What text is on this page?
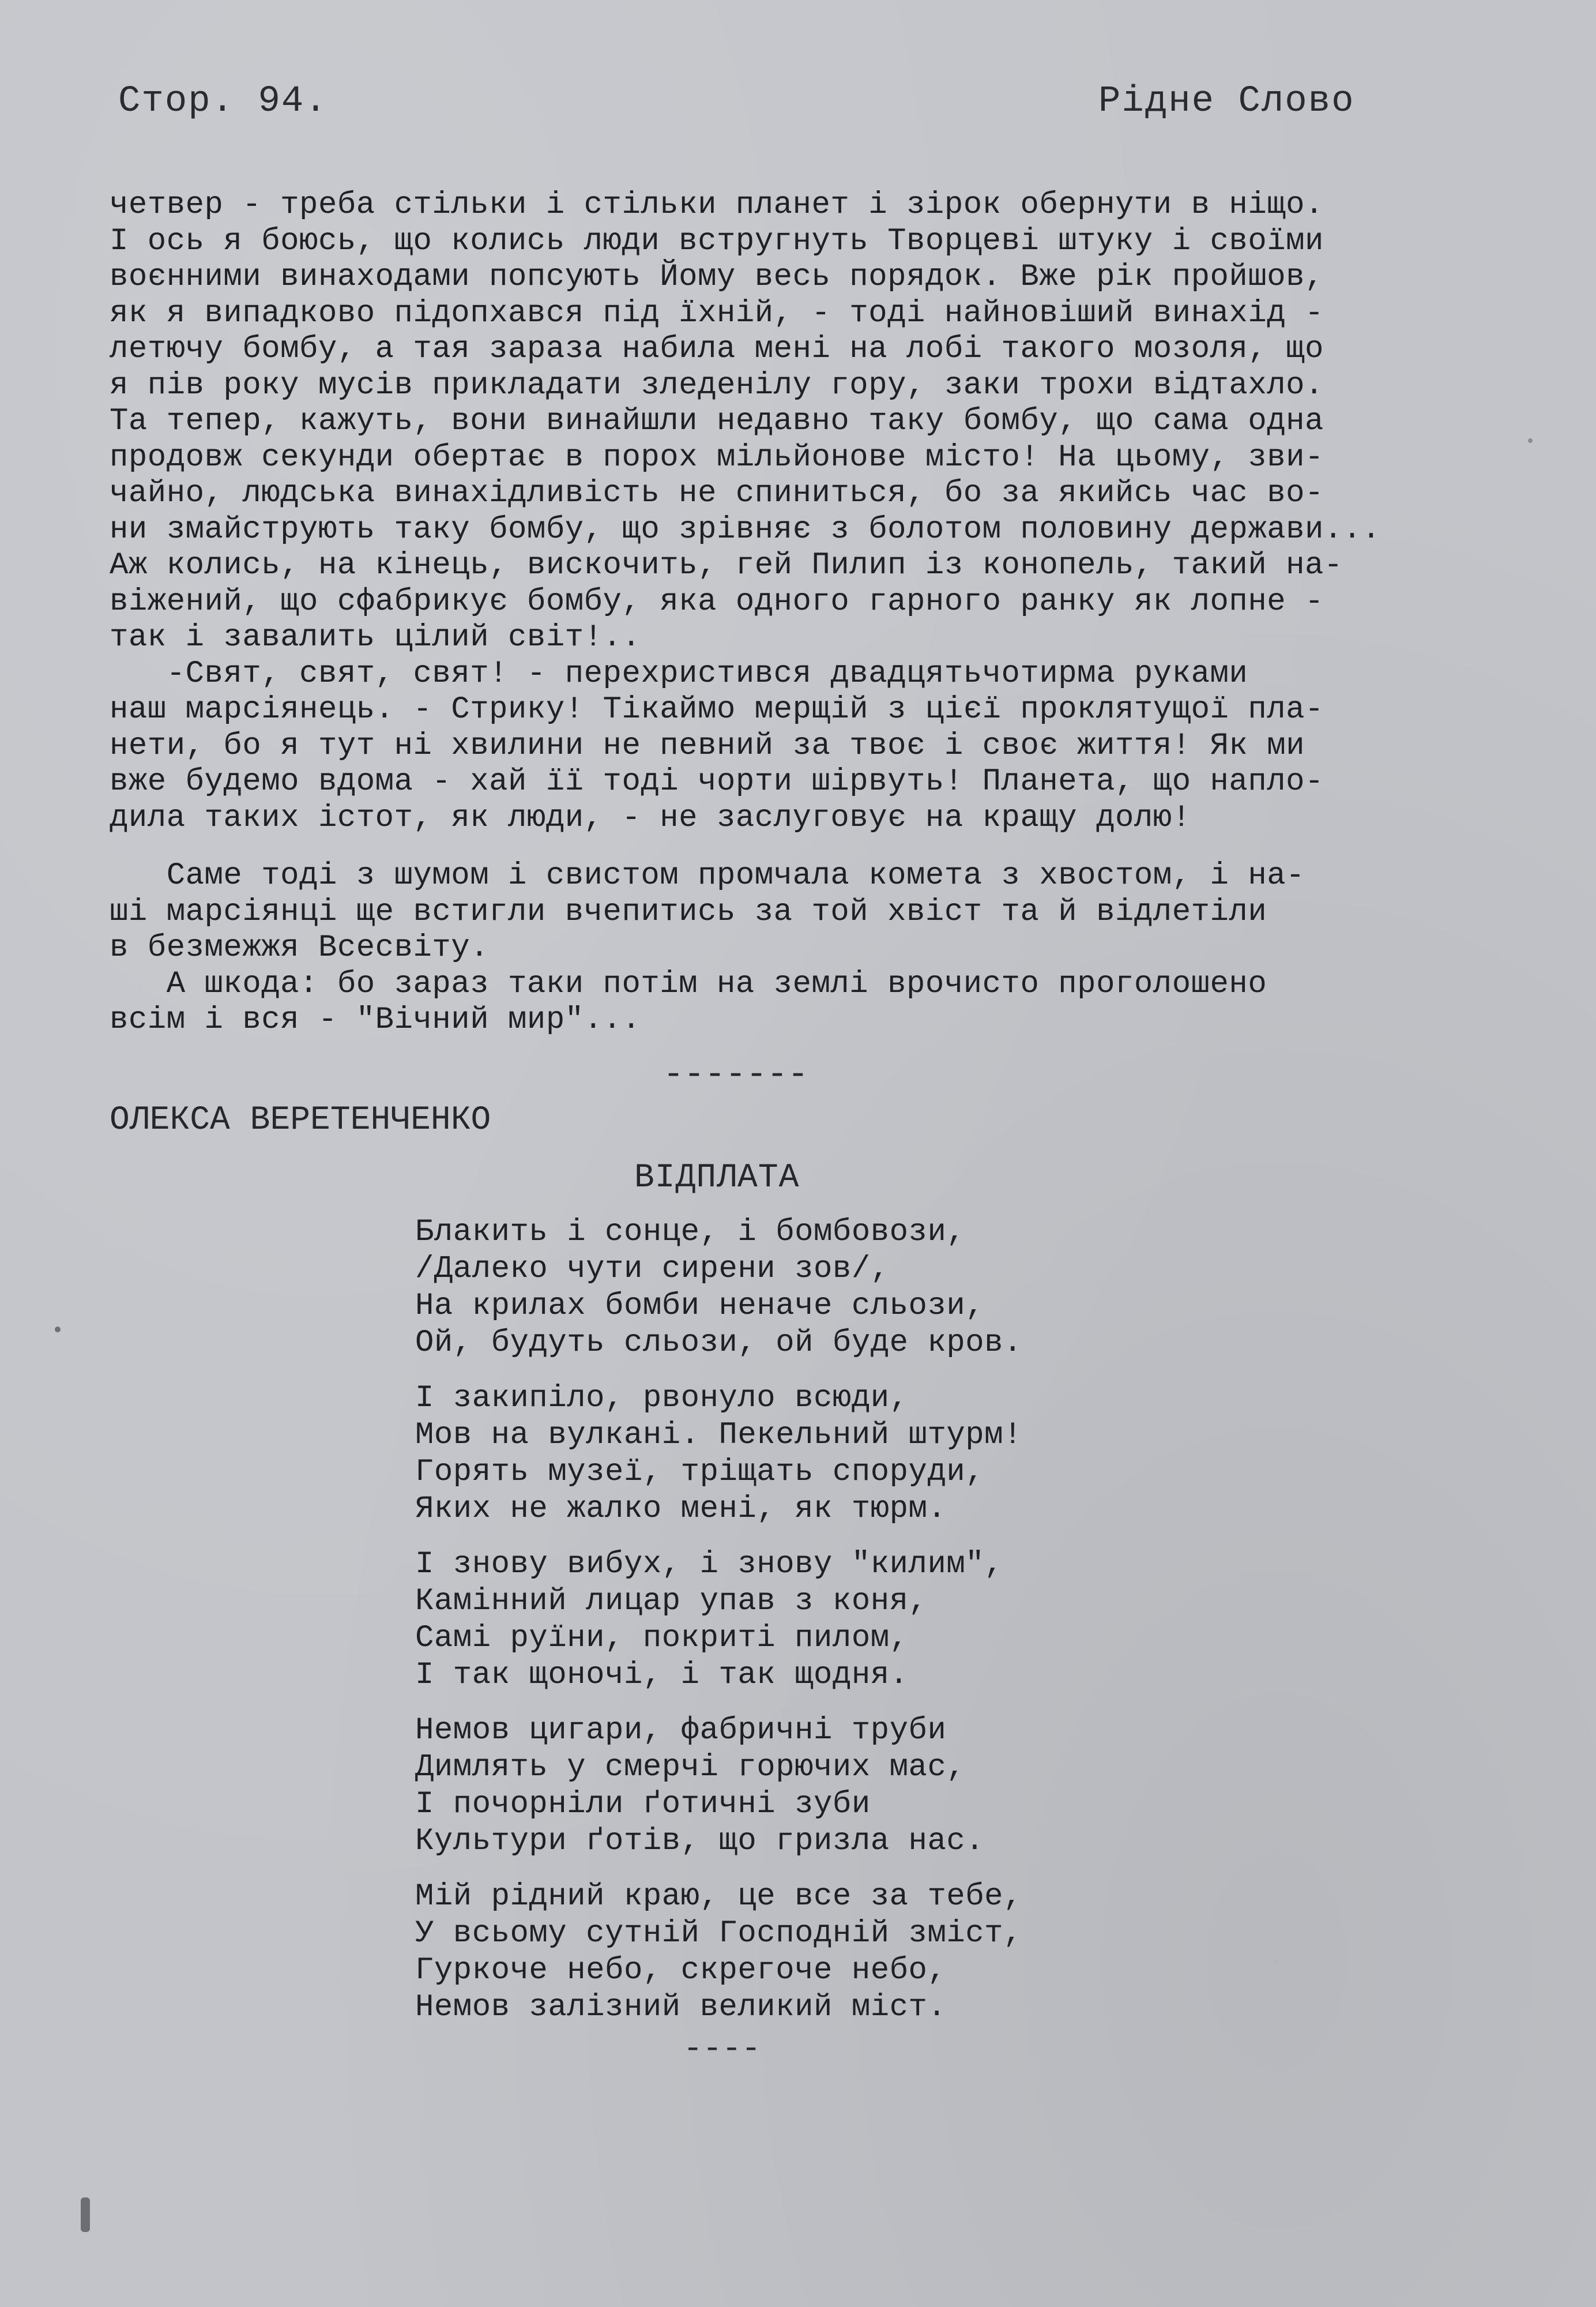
Стор. 94.	Рідне Слово
четвер - треба стільки і стільки планет і зірок обернути в ніщо.
І ось я боюсь, що колись люди встругнуть Творцеві штуку і своїми
воєнними винаходами попсують Йому весь порядок. Вже рік пройшов,
як я випадково підопхався під їхній, - тоді найновіший винахід -
летючу бомбу, а тая зараза набила мені на лобі такого мозоля, що
я пів року мусів прикладати зледенілу гору, заки трохи відтахло.
Та тепер, кажуть, вони винайшли недавно таку бомбу, що сама одна
продовж секунди обертає в порох мільйонове місто! На цьому, зви-
чайно, людська винахідливість не спиниться, бо за якийсь час во-
ни змайструють таку бомбу, що зрівняє з болотом половину держави...
Аж колись, на кінець, вискочить, гей Пилип із конопель, такий на-
віжений, що сфабрикує бомбу, яка одного гарного ранку як лопне -
так і завалить цілий світ!..
-Свят, свят, свят! - перехристився двадцятьчотирма руками
наш марсіянець. - Стрику! Тікаймо мерщій з цієї проклятущої пла-
нети, бо я тут ні хвилини не певний за твоє і своє життя! Як ми
вже будемо вдома - хай її тоді чорти шірвуть! Планета, що напло-
дила таких істот, як люди, - не заслуговує на кращу долю!
Саме тоді з шумом і свистом промчала комета з хвостом, і на-
ші марсіянці ще встигли вчепитись за той хвіст та й відлетіли
в безмежжя Всесвіту.
А шкода: бо зараз таки потім на землі врочисто проголошено
всім і вся - "Вічний мир"...
-------
ОЛЕКСА ВЕРЕТЕНЧЕНКО
ВІДПЛАТА
Блакить і сонце, і бомбовози,
/Далеко чути сирени зов/,
На крилах бомби неначе сльози,
Ой, будуть сльози, ой буде кров.
І закипіло, рвонуло всюди,
Мов на вулкані. Пекельний штурм!
Горять музеї, тріщать споруди,
Яких не жалко мені, як тюрм.
І знову вибух, і знову "килим",
Камінний лицар упав з коня,
Самі руїни, покриті пилом,
І так щоночі, і так щодня.
Немов цигари, фабричні труби
Димлять у смерчі горючих мас,
І почорніли ґотичні зуби
Культури ґотів, що гризла нас.
Мій рідний краю, це все за тебе,
У всьому сутній Господній зміст,
Гуркоче небо, скрегоче небо,
Немов залізний великий міст.
----
